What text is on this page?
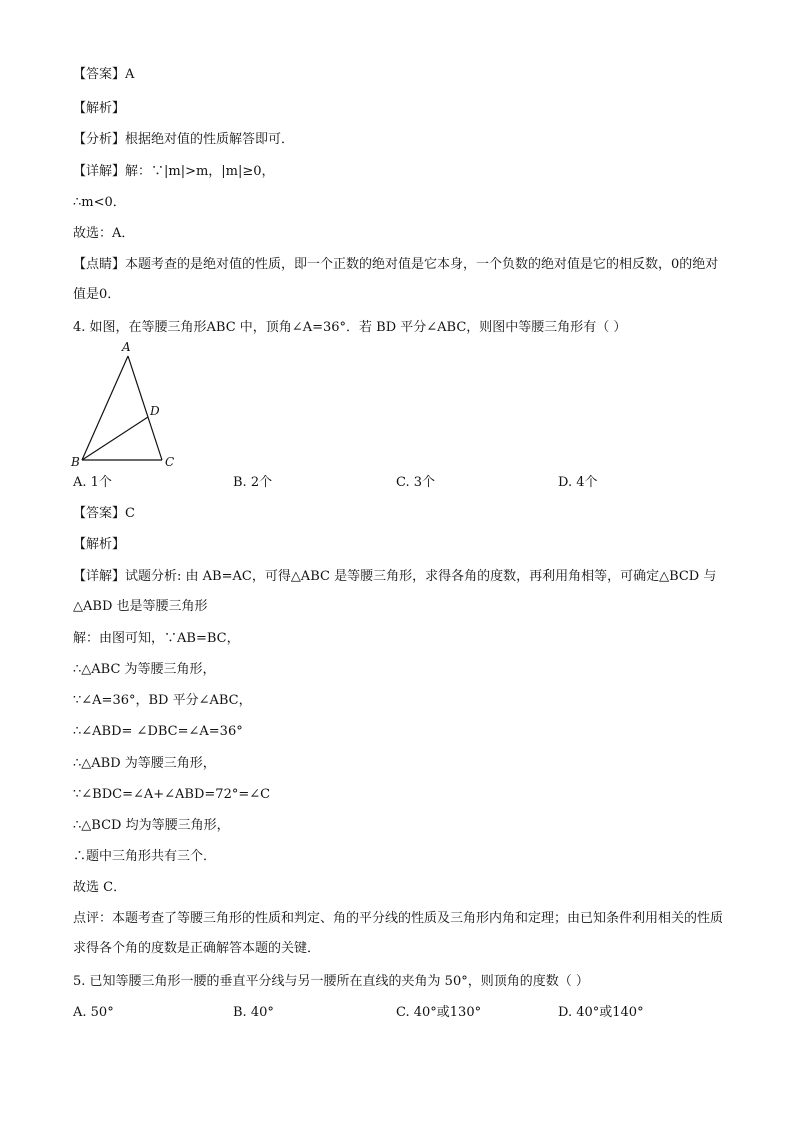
【答案】A
【解析】
【分析】根据绝对值的性质解答即可．
【详解】解：∵|m|>m，|m|≥0，
∴m<0．
故选：A．
【点睛】本题考查的是绝对值的性质，即一个正数的绝对值是它本身，一个负数的绝对值是它的相反数，0的绝对值是0．
4. 如图，在等腰三角形ABC 中，顶角∠A=36°．若 BD 平分∠ABC，则图中等腰三角形有（ ）
A
D
B	C
A. 1个	B. 2个	C. 3个	D. 4个
【答案】C
【解析】
【详解】试题分析: 由 AB=AC，可得△ABC 是等腰三角形，求得各角的度数，再利用角相等，可确定△BCD 与△ABD 也是等腰三角形
解：由图可知，∵AB=BC，
∴△ABC 为等腰三角形，
∵∠A=36°，BD 平分∠ABC，
∴∠ABD= ∠DBC=∠A=36°
∴△ABD 为等腰三角形，
∵∠BDC=∠A+∠ABD=72°=∠C
∴△BCD 均为等腰三角形，
∴题中三角形共有三个．
故选 C．
点评：本题考查了等腰三角形的性质和判定、角的平分线的性质及三角形内角和定理；由已知条件利用相关的性质求得各个角的度数是正确解答本题的关键．
5. 已知等腰三角形一腰的垂直平分线与另一腰所在直线的夹角为 50°，则顶角的度数（ ）
A. 50°	B. 40°	C. 40°或130°	D. 40°或140°
